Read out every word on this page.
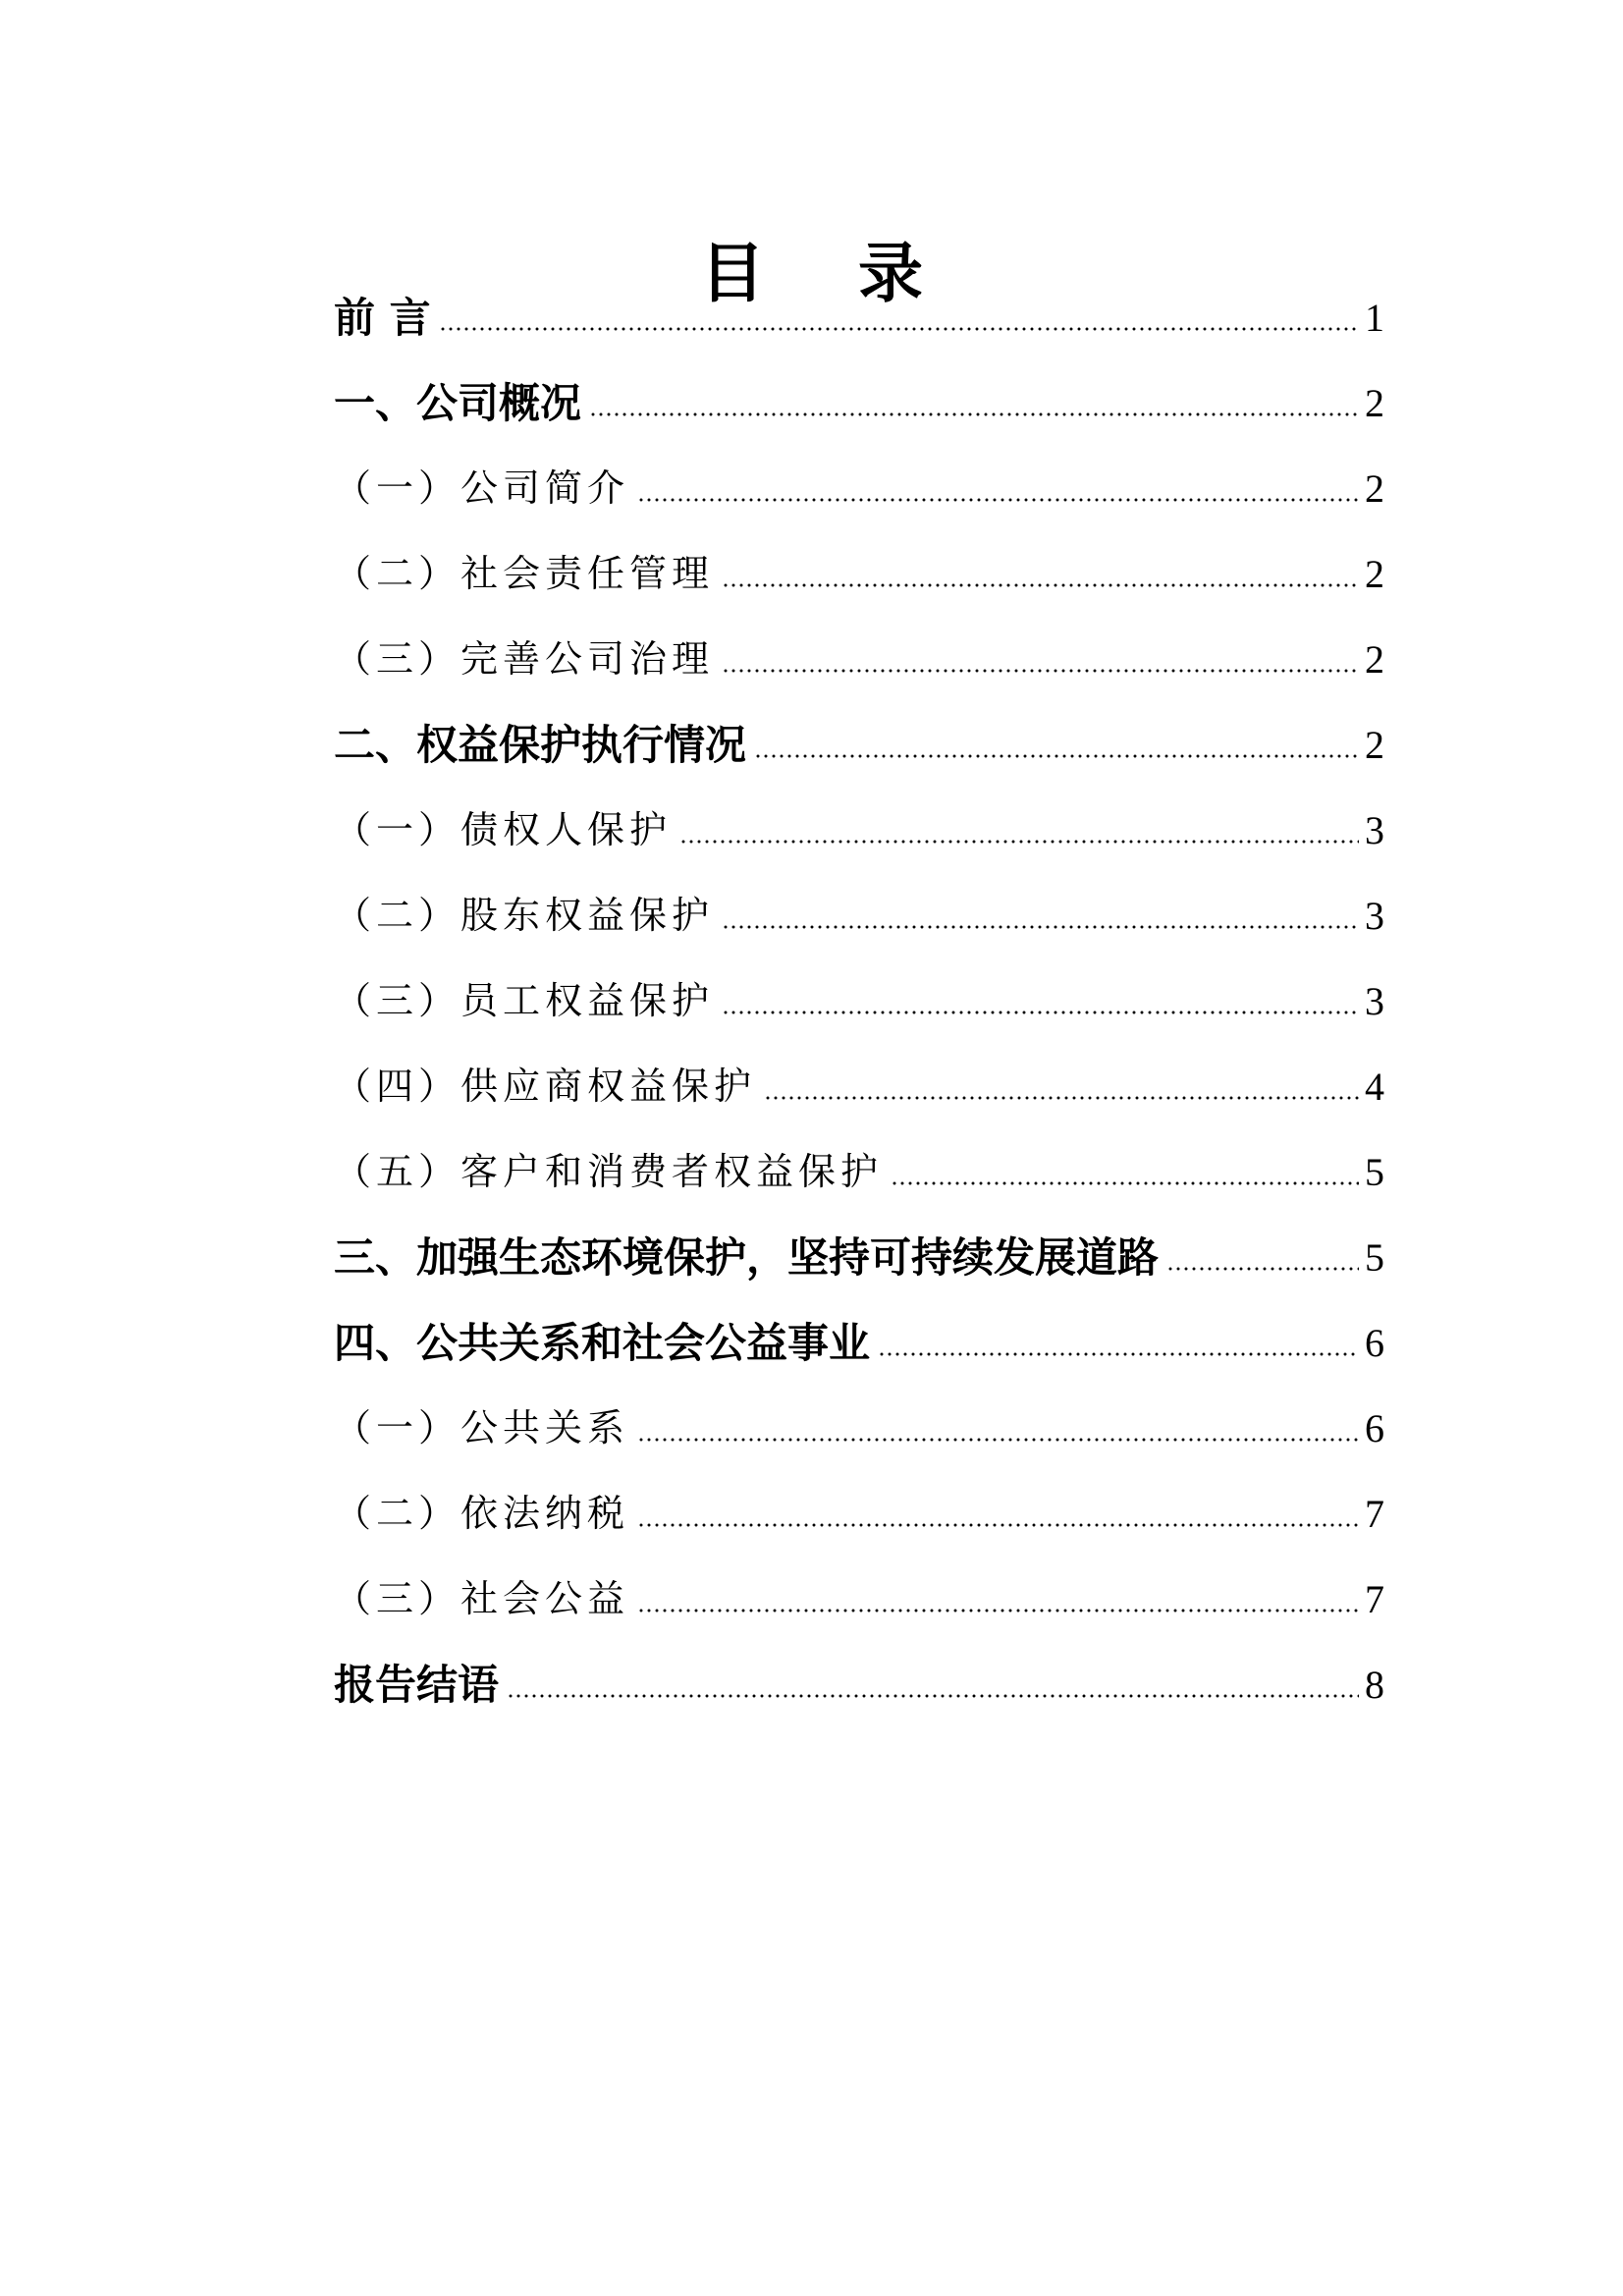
目 录
前 言	1
一、公司概况	2
（一）公司简介	2
（二）社会责任管理	2
（三）完善公司治理	2
二、权益保护执行情况	2
（一）债权人保护	3
（二）股东权益保护	3
（三）员工权益保护	3
（四）供应商权益保护	4
（五）客户和消费者权益保护	5
三、加强生态环境保护，坚持可持续发展道路	5
四、公共关系和社会公益事业	6
（一）公共关系	6
（二）依法纳税	7
（三）社会公益	7
报告结语	8
